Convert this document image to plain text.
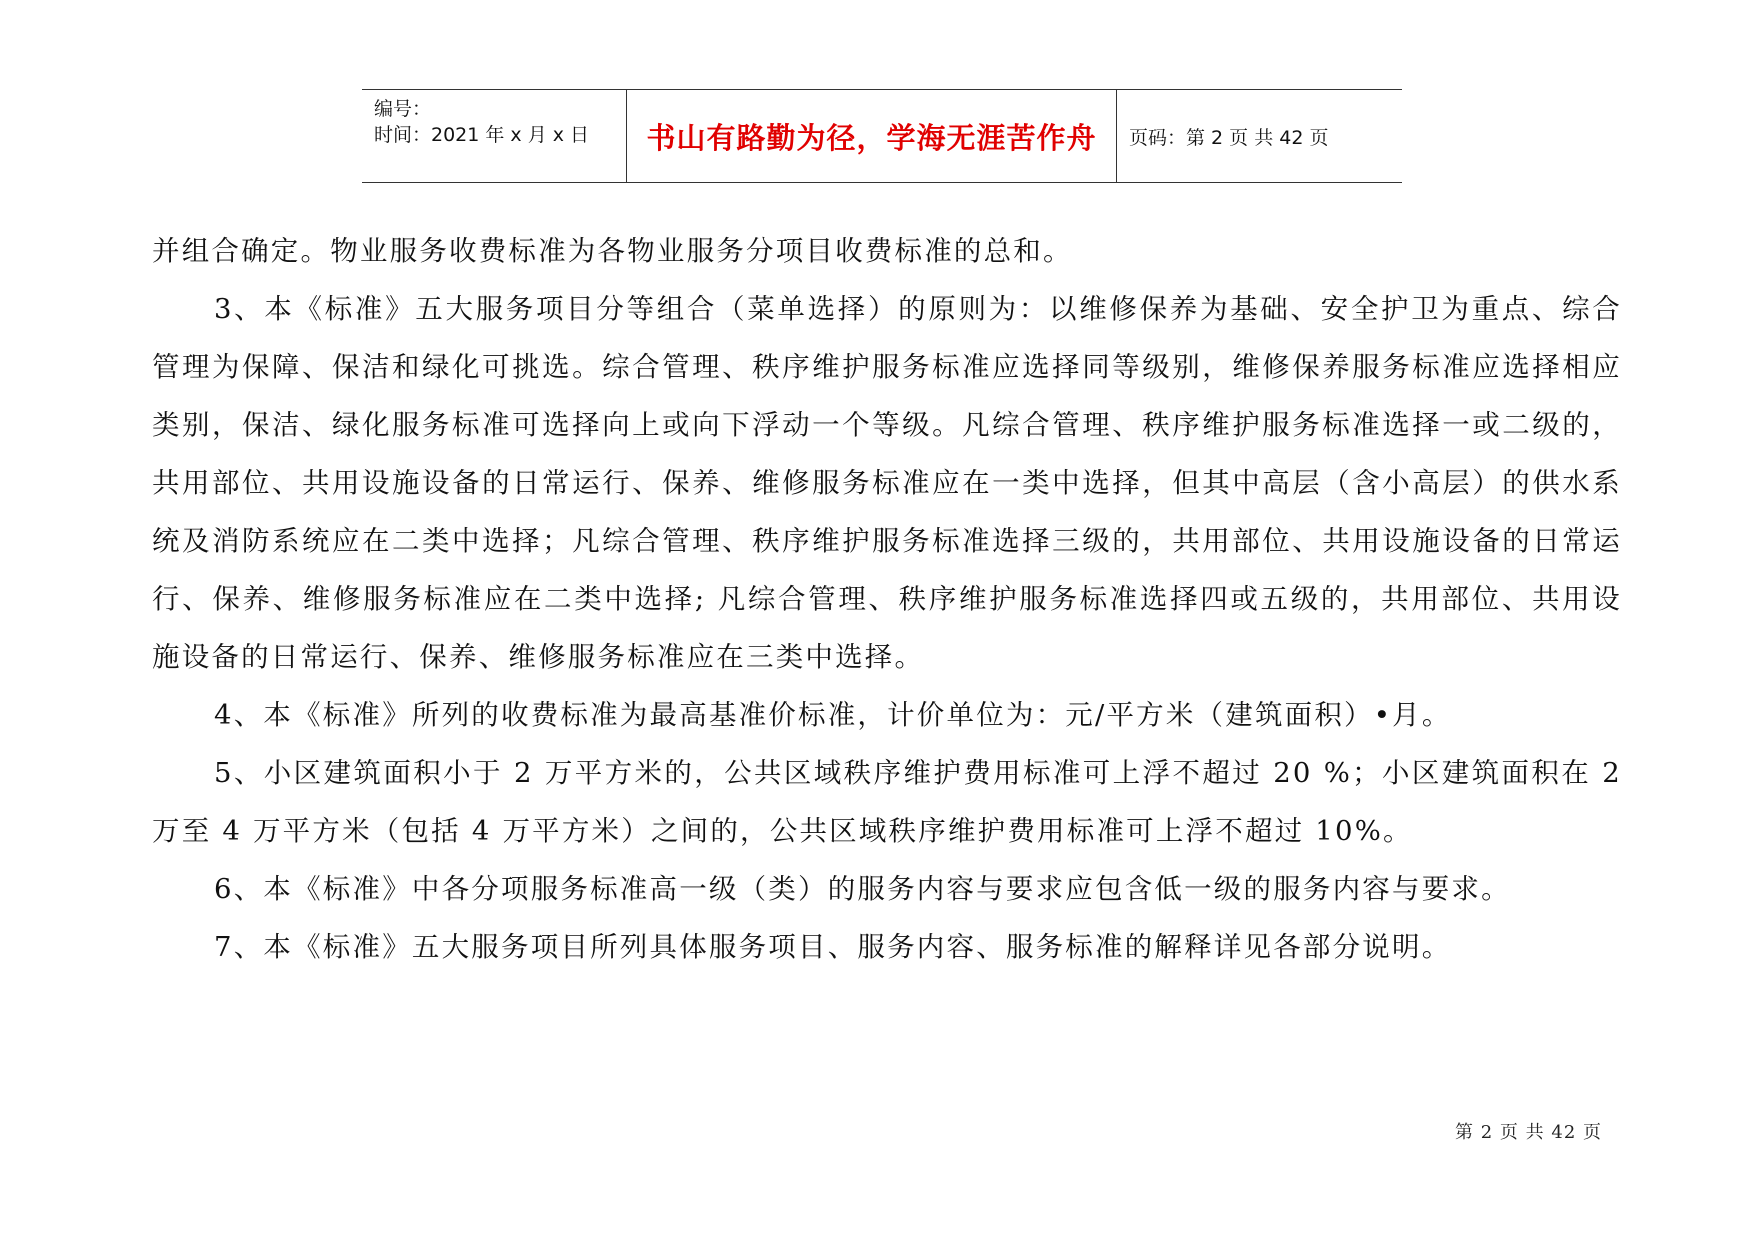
编号：
时间：2021 年 x 月 x 日 书山有路勤为径，学海无涯苦作舟 页码：第 2 页 共 42 页

并组合确定。物业服务收费标准为各物业服务分项目收费标准的总和。

3、本《标准》五大服务项目分等组合（菜单选择）的原则为：以维修保养为基础、安全护卫为重点、综合管理为保障、保洁和绿化可挑选。综合管理、秩序维护服务标准应选择同等级别，维修保养服务标准应选择相应类别，保洁、绿化服务标准可选择向上或向下浮动一个等级。凡综合管理、秩序维护服务标准选择一或二级的，共用部位、共用设施设备的日常运行、保养、维修服务标准应在一类中选择，但其中高层（含小高层）的供水系统及消防系统应在二类中选择；凡综合管理、秩序维护服务标准选择三级的，共用部位、共用设施设备的日常运行、保养、维修服务标准应在二类中选择; 凡综合管理、秩序维护服务标准选择四或五级的，共用部位、共用设施设备的日常运行、保养、维修服务标准应在三类中选择。

4、本《标准》所列的收费标准为最高基准价标准，计价单位为：元/平方米（建筑面积）•月。

5、小区建筑面积小于 2 万平方米的，公共区域秩序维护费用标准可上浮不超过 20 %；小区建筑面积在 2 万至 4 万平方米（包括 4 万平方米）之间的，公共区域秩序维护费用标准可上浮不超过 10%。

6、本《标准》中各分项服务标准高一级（类）的服务内容与要求应包含低一级的服务内容与要求。

7、本《标准》五大服务项目所列具体服务项目、服务内容、服务标准的解释详见各部分说明。

第 2 页 共 42 页
